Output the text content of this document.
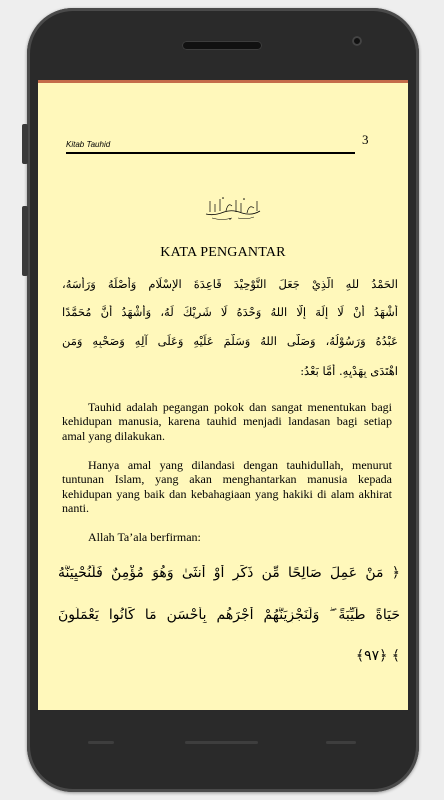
Kitab Tauhid	3
KATA PENGANTAR
الحَمْدُ للهِ الَّذِيْ جَعَلَ التَّوْحِيْدَ قَاعِدَةَ الإِسْلَامِ وَأَصْلَهُ وَرَأْسَهُ،
أَشْهَدُ أَنْ لَا إِلَهَ إِلَّا اللهُ وَحْدَهُ لَا شَرِيْكَ لَهُ، وَأَشْهَدُ أَنَّ مُحَمَّدًا
عَبْدُهُ وَرَسُوْلُهُ، وَصَلَّى اللهُ وَسَلَّمَ عَلَيْهِ وَعَلَى آلِهِ وَصَحْبِهِ وَمَنِ
اهْتَدَى بِهَدْيِهِ. أَمَّا بَعْدُ:
Tauhid adalah pegangan pokok dan sangat menentukan bagi kehidupan manusia, karena tauhid menjadi landasan bagi setiap amal yang dilakukan.
Hanya amal yang dilandasi dengan tauhidullah, menurut tuntunan Islam, yang akan menghantarkan manusia kepada kehidupan yang baik dan kebahagiaan yang hakiki di alam akhirat nanti.
Allah Ta’ala berfirman:
﴿ مَنْ عَمِلَ صَالِحًا مِّن ذَكَرٍ أَوْ أُنثَىٰ وَهُوَ مُؤْمِنٌ فَلَنُحْيِيَنَّهُ
حَيَاةً طَيِّبَةً ۖ وَلَنَجْزِيَنَّهُمْ أَجْرَهُم بِأَحْسَنِ مَا كَانُوا يَعْمَلُونَ
﴾ ﴿٩٧﴾
